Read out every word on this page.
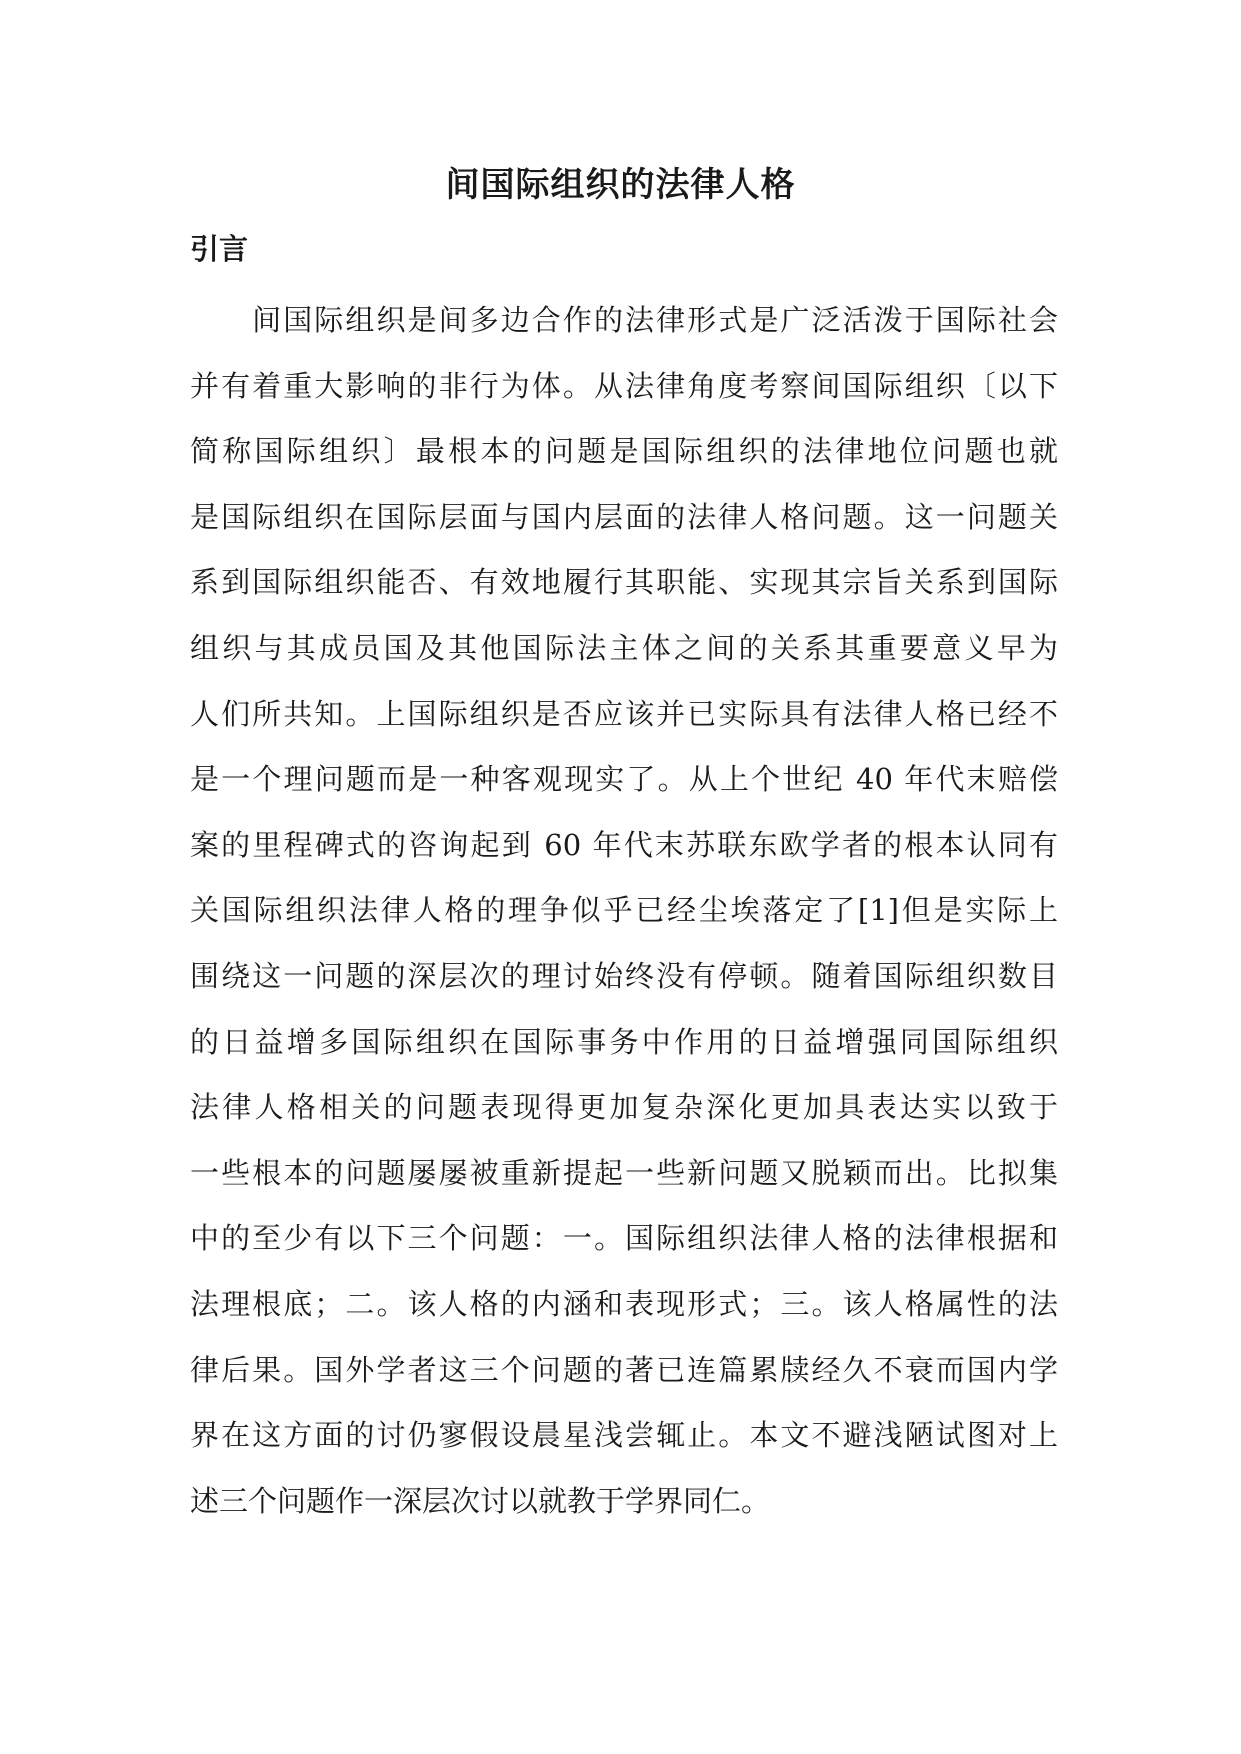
间国际组织的法律人格
引言
　　间国际组织是间多边合作的法律形式是广泛活泼于国际社会
并有着重大影响的非行为体。从法律角度考察间国际组织〔以下
简称国际组织〕最根本的问题是国际组织的法律地位问题也就
是国际组织在国际层面与国内层面的法律人格问题。这一问题关
系到国际组织能否、有效地履行其职能、实现其宗旨关系到国际
组织与其成员国及其他国际法主体之间的关系其重要意义早为
人们所共知。上国际组织是否应该并已实际具有法律人格已经不
是一个理问题而是一种客观现实了。从上个世纪 40 年代末赔偿
案的里程碑式的咨询起到 60 年代末苏联东欧学者的根本认同有
关国际组织法律人格的理争似乎已经尘埃落定了[1]但是实际上
围绕这一问题的深层次的理讨始终没有停顿。随着国际组织数目
的日益增多国际组织在国际事务中作用的日益增强同国际组织
法律人格相关的问题表现得更加复杂深化更加具表达实以致于
一些根本的问题屡屡被重新提起一些新问题又脱颖而出。比拟集
中的至少有以下三个问题：一。国际组织法律人格的法律根据和
法理根底；二。该人格的内涵和表现形式；三。该人格属性的法
律后果。国外学者这三个问题的著已连篇累牍经久不衰而国内学
界在这方面的讨仍寥假设晨星浅尝辄止。本文不避浅陋试图对上
述三个问题作一深层次讨以就教于学界同仁。
